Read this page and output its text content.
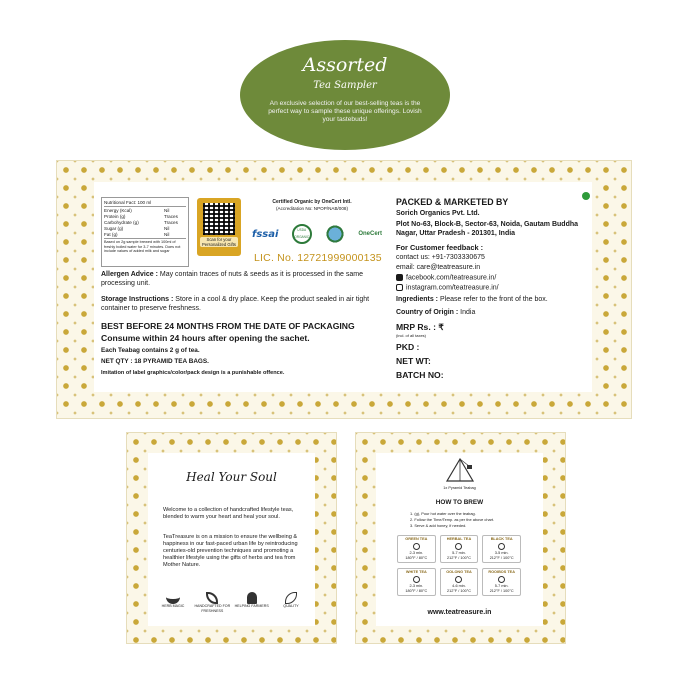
Assorted
Tea Sampler
An exclusive selection of our best-selling teas is the perfect way to sample these unique offerings. Lovish your tastebuds!
Nutritional Fact: 100 ml
Energy (Kcal)	Nil
Protein (g)	Traces
Carbohydrate (g)	Traces
Sugar (g)	Nil
Fat (g)	Nil
Based on 2g sample brewed with 100ml of freshly boiled water for 3-7 minutes. Does not include values of added milk and sugar
Scan for your Personalized Gifts
Certified Organic by OneCert Intl.
(Accreditation No: NPOP/NAB/008)
fssai	USDA ORGANIC	OneCert
LIC. No. 12721999000135
Allergen Advice : May contain traces of nuts & seeds as it is processed in the same processing unit.
Storage Instructions : Store in a cool & dry place. Keep the product sealed in air tight container to preserve freshness.
BEST BEFORE 24 MONTHS FROM THE DATE OF PACKAGING
Consume within 24 hours after opening the sachet.
Each Teabag contains 2 g of tea.
NET QTY : 18 PYRAMID TEA BAGS.
Imitation of label graphics/color/pack design is a punishable offence.
PACKED & MARKETED BY
Sorich Organics Pvt. Ltd.
Plot No-63, Block-B, Sector-63, Noida, Gautam Buddha Nagar, Uttar Pradesh - 201301, India
For Customer feedback :
contact us: +91-7303330675
email: care@teatreasure.in
facebook.com/teatreasure.in/
instagram.com/teatreasure.in/
Ingredients : Please refer to the front of the box.
Country of Origin : India
MRP Rs. : ₹
(incl. of all taxes)
PKD :
NET WT:
BATCH NO:
Heal Your Soul
Welcome to a collection of handcrafted lifestyle teas, blended to warm your heart and heal your soul.
TeaTreasure is on a mission to ensure the wellbeing & happiness in our fast-paced urban life by reintroducing centuries-old prevention techniques and promoting a healthier lifestyle using the gifts of herbs and tea from Mother Nature.
HERB MAGIC	HANDCRAFTED FOR FRESHNESS
HELPING FARMERS	QUALITY
1x Pyramid Teabag
HOW TO BREW
1. (g), Pour hot water over the teabag.
2. Follow the Time/Temp. as per the above chart.
3. Serve & add honey, if needed.
GREEN TEA
2-3 min.
180°F / 80°C
HERBAL TEA
5-7 min.
212°F / 100°C
BLACK TEA
3-5 min.
212°F / 100°C
WHITE TEA
2-3 min.
180°F / 80°C
OOLONG TEA
4-6 min.
212°F / 100°C
ROOIBOS TEA
5-7 min.
212°F / 100°C
www.teatreasure.in
